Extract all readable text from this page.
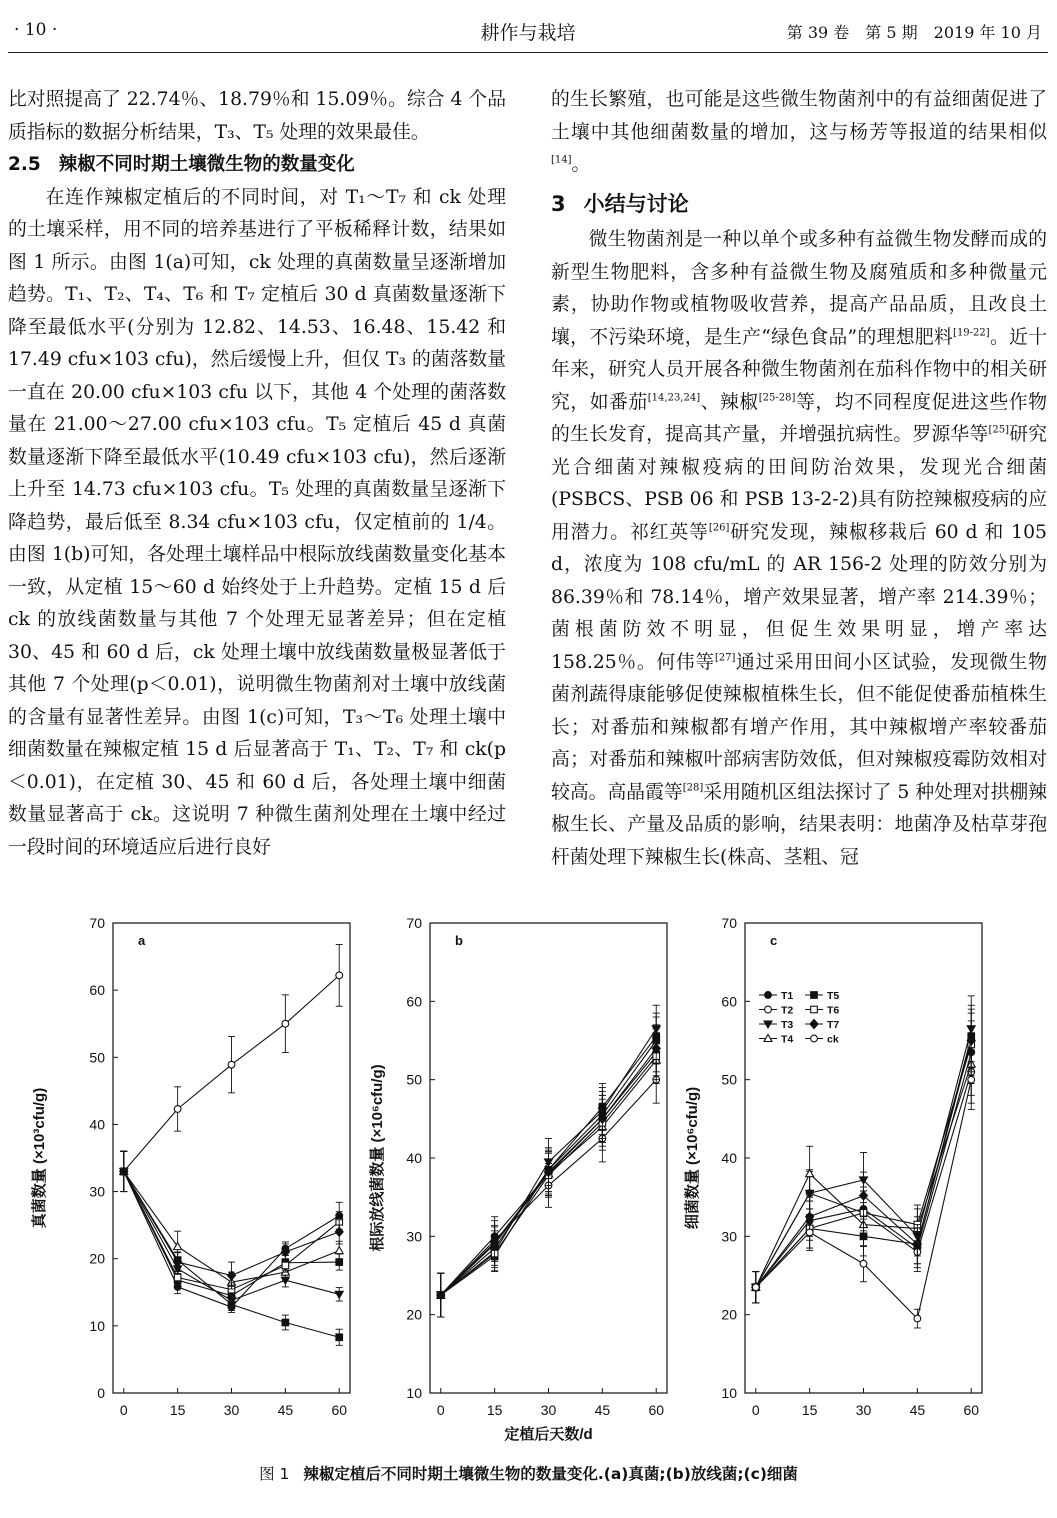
· 10 ·	耕作与栽培	第 39 卷　第 5 期　2019 年 10 月

比对照提高了 22.74％、18.79％和 15.09％。综合 4 个品质指标的数据分析结果，T₃、T₅ 处理的效果最佳。

2.5 辣椒不同时期土壤微生物的数量变化

在连作辣椒定植后的不同时间，对 T₁～T₇ 和 ck 处理的土壤采样，用不同的培养基进行了平板稀释计数，结果如图 1 所示。由图 1(a)可知，ck 处理的真菌数量呈逐渐增加趋势。T₁、T₂、T₄、T₆ 和 T₇ 定植后 30 d 真菌数量逐渐下降至最低水平(分别为 12.82、14.53、16.48、15.42 和 17.49 cfu×103 cfu)，然后缓慢上升，但仅 T₃ 的菌落数量一直在 20.00 cfu×103 cfu 以下，其他 4 个处理的菌落数量在 21.00～27.00 cfu×103 cfu。T₅ 定植后 45 d 真菌数量逐渐下降至最低水平(10.49 cfu×103 cfu)，然后逐渐上升至 14.73 cfu×103 cfu。T₅ 处理的真菌数量呈逐渐下降趋势，最后低至 8.34 cfu×103 cfu，仅定植前的 1/4。由图 1(b)可知，各处理土壤样品中根际放线菌数量变化基本一致，从定植 15～60 d 始终处于上升趋势。定植 15 d 后 ck 的放线菌数量与其他 7 个处理无显著差异；但在定植 30、45 和 60 d 后，ck 处理土壤中放线菌数量极显著低于其他 7 个处理(p＜0.01)，说明微生物菌剂对土壤中放线菌的含量有显著性差异。由图 1(c)可知，T₃～T₆ 处理土壤中细菌数量在辣椒定植 15 d 后显著高于 T₁、T₂、T₇ 和 ck(p＜0.01)，在定植 30、45 和 60 d 后，各处理土壤中细菌数量显著高于 ck。这说明 7 种微生菌剂处理在土壤中经过一段时间的环境适应后进行良好

的生长繁殖，也可能是这些微生物菌剂中的有益细菌促进了土壤中其他细菌数量的增加，这与杨芳等报道的结果相似[14]。

3 小结与讨论

微生物菌剂是一种以单个或多种有益微生物发酵而成的新型生物肥料，含多种有益微生物及腐殖质和多种微量元素，协助作物或植物吸收营养，提高产品品质，且改良土壤，不污染环境，是生产“绿色食品”的理想肥料[19-22]。近十年来，研究人员开展各种微生物菌剂在茄科作物中的相关研究，如番茄[14,23,24]、辣椒[25-28]等，均不同程度促进这些作物的生长发育，提高其产量，并增强抗病性。罗源华等[25]研究光合细菌对辣椒疫病的田间防治效果，发现光合细菌(PSBCS、PSB 06 和 PSB 13-2-2)具有防控辣椒疫病的应用潜力。祁红英等[26]研究发现，辣椒移栽后 60 d 和 105 d，浓度为 108 cfu/mL 的 AR 156-2 处理的防效分别为 86.39％和 78.14％，增产效果显著，增产率 214.39％；菌根菌防效不明显，但促生效果明显，增产率达 158.25％。何伟等[27]通过采用田间小区试验，发现微生物菌剂蔬得康能够促使辣椒植株生长，但不能促使番茄植株生长；对番茄和辣椒都有增产作用，其中辣椒增产率较番茄高；对番茄和辣椒叶部病害防效低，但对辣椒疫霉防效相对较高。高晶霞等[28]采用随机区组法探讨了 5 种处理对拱棚辣椒生长、产量及品质的影响，结果表明：地菌净及枯草芽孢杆菌处理下辣椒生长(株高、茎粗、冠

0
10
20
30
40
50
60
70
0	15	30	45	60
a
真菌数量 (×10³cfu/g)
10
20
30
40
50
60
70
0	15	30	45	60
b
根际放线菌数量 (×10⁶cfu/g)
定植后天数/d
10
20
30
40
50
60
70
0	15	30	45	60
c
细菌数量 (×10⁶cfu/g)
T1	T5
T2	T6
T3	T7
T4	ck
图 1 辣椒定植后不同时期土壤微生物的数量变化.(a)真菌;(b)放线菌;(c)细菌
